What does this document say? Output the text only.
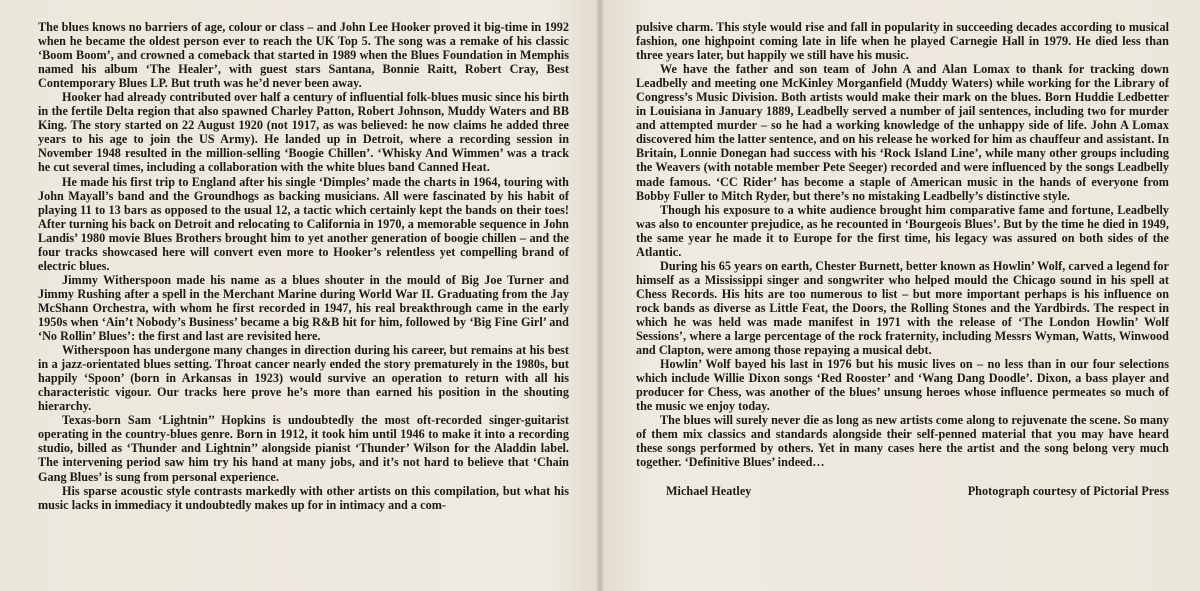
The blues knows no barriers of age, colour or class – and John Lee Hooker proved it big-time in 1992 when he became the oldest person ever to reach the UK Top 5. The song was a remake of his classic ‘Boom Boom’, and crowned a comeback that started in 1989 when the Blues Foundation in Memphis named his album ‘The Healer’, with guest stars Santana, Bonnie Raitt, Robert Cray, Best Contemporary Blues LP. But truth was he’d never been away.

Hooker had already contributed over half a century of influential folk-blues music since his birth in the fertile Delta region that also spawned Charley Patton, Robert Johnson, Muddy Waters and BB King. The story started on 22 August 1920 (not 1917, as was believed: he now claims he added three years to his age to join the US Army). He landed up in Detroit, where a recording session in November 1948 resulted in the million-selling ‘Boogie Chillen’. ‘Whisky And Wimmen’ was a track he cut several times, including a collaboration with the white blues band Canned Heat.

He made his first trip to England after his single ‘Dimples’ made the charts in 1964, touring with John Mayall’s band and the Groundhogs as backing musicians. All were fascinated by his habit of playing 11 to 13 bars as opposed to the usual 12, a tactic which certainly kept the bands on their toes! After turning his back on Detroit and relocating to California in 1970, a memorable sequence in John Landis’ 1980 movie Blues Brothers brought him to yet another generation of boogie chillen – and the four tracks showcased here will convert even more to Hooker’s relentless yet compelling brand of electric blues.

Jimmy Witherspoon made his name as a blues shouter in the mould of Big Joe Turner and Jimmy Rushing after a spell in the Merchant Marine during World War II. Graduating from the Jay McShann Orchestra, with whom he first recorded in 1947, his real breakthrough came in the early 1950s when ‘Ain’t Nobody’s Business’ became a big R&B hit for him, followed by ‘Big Fine Girl’ and ‘No Rollin’ Blues’: the first and last are revisited here.

Witherspoon has undergone many changes in direction during his career, but remains at his best in a jazz-orientated blues setting. Throat cancer nearly ended the story prematurely in the 1980s, but happily ‘Spoon’ (born in Arkansas in 1923) would survive an operation to return with all his characteristic vigour. Our tracks here prove he’s more than earned his position in the shouting hierarchy.

Texas-born Sam ‘Lightnin’’ Hopkins is undoubtedly the most oft-recorded singer-guitarist operating in the country-blues genre. Born in 1912, it took him until 1946 to make it into a recording studio, billed as ‘Thunder and Lightnin’’ alongside pianist ‘Thunder’ Wilson for the Aladdin label. The intervening period saw him try his hand at many jobs, and it’s not hard to believe that ‘Chain Gang Blues’ is sung from personal experience.

His sparse acoustic style contrasts markedly with other artists on this compilation, but what his music lacks in immediacy it undoubtedly makes up for in intimacy and a com-

pulsive charm. This style would rise and fall in popularity in succeeding decades according to musical fashion, one highpoint coming late in life when he played Carnegie Hall in 1979. He died less than three years later, but happily we still have his music.

We have the father and son team of John A and Alan Lomax to thank for tracking down Leadbelly and meeting one McKinley Morganfield (Muddy Waters) while working for the Library of Congress’s Music Division. Both artists would make their mark on the blues. Born Huddie Ledbetter in Louisiana in January 1889, Leadbelly served a number of jail sentences, including two for murder and attempted murder – so he had a working knowledge of the unhappy side of life. John A Lomax discovered him the latter sentence, and on his release he worked for him as chauffeur and assistant. In Britain, Lonnie Donegan had success with his ‘Rock Island Line’, while many other groups including the Weavers (with notable member Pete Seeger) recorded and were influenced by the songs Leadbelly made famous. ‘CC Rider’ has become a staple of American music in the hands of everyone from Bobby Fuller to Mitch Ryder, but there’s no mistaking Leadbelly’s distinctive style.

Though his exposure to a white audience brought him comparative fame and fortune, Leadbelly was also to encounter prejudice, as he recounted in ‘Bourgeois Blues’. But by the time he died in 1949, the same year he made it to Europe for the first time, his legacy was assured on both sides of the Atlantic.

During his 65 years on earth, Chester Burnett, better known as Howlin’ Wolf, carved a legend for himself as a Mississippi singer and songwriter who helped mould the Chicago sound in his spell at Chess Records. His hits are too numerous to list – but more important perhaps is his influence on rock bands as diverse as Little Feat, the Doors, the Rolling Stones and the Yardbirds. The respect in which he was held was made manifest in 1971 with the release of ‘The London Howlin’ Wolf Sessions’, where a large percentage of the rock fraternity, including Messrs Wyman, Watts, Winwood and Clapton, were among those repaying a musical debt.

Howlin’ Wolf bayed his last in 1976 but his music lives on – no less than in our four selections which include Willie Dixon songs ‘Red Rooster’ and ‘Wang Dang Doodle’. Dixon, a bass player and producer for Chess, was another of the blues’ unsung heroes whose influence permeates so much of the music we enjoy today.

The blues will surely never die as long as new artists come along to rejuvenate the scene. So many of them mix classics and standards alongside their self-penned material that you may have heard these songs performed by others. Yet in many cases here the artist and the song belong very much together. ‘Definitive Blues’ indeed…

Michael Heatley	Photograph courtesy of Pictorial Press
